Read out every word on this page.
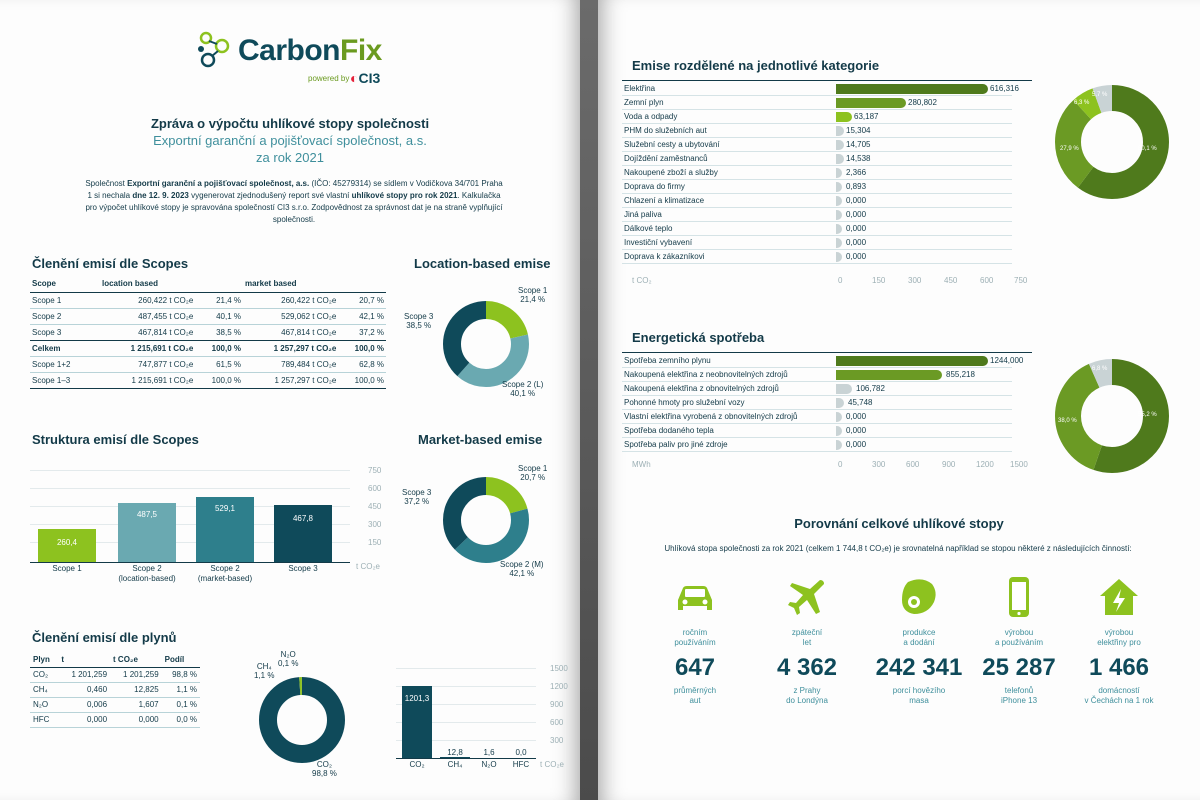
CarbonFix
powered by ◐CI3
Zpráva o výpočtu uhlíkové stopy společnosti
Exportní garanční a pojišťovací společnost, a.s.
za rok 2021
Společnost Exportní garanční a pojišťovací společnost, a.s. (IČO: 45279314) se sídlem v Vodičkova 34/701 Praha 1 si nechala dne 12. 9. 2023 vygenerovat zjednodušený report své vlastní uhlíkové stopy pro rok 2021. Kalkulačka pro výpočet uhlíkové stopy je spravována společností CI3 s.r.o. Zodpovědnost za správnost dat je na straně vyplňující společnosti.
Členění emisí dle Scopes
Scope	location based		market based	
Scope 1	260,422 t CO₂e	21,4 %	260,422 t CO₂e	20,7 %
Scope 2	487,455 t CO₂e	40,1 %	529,062 t CO₂e	42,1 %
Scope 3	467,814 t CO₂e	38,5 %	467,814 t CO₂e	37,2 %
Celkem	1 215,691 t CO₂e	100,0 %	1 257,297 t CO₂e	100,0 %
Scope 1+2	747,877 t CO₂e	61,5 %	789,484 t CO₂e	62,8 %
Scope 1–3	1 215,691 t CO₂e	100,0 %	1 257,297 t CO₂e	100,0 %
Location-based emise
Scope 1
21,4 %
Scope 3
38,5 %
Scope 2 (L)
40,1 %
Struktura emisí dle Scopes
750
600
450
300
150
t CO₂e
260,4
487,5
529,1
467,8
Scope 1	Scope 2
(location-based)
Scope 2
(market-based)
Scope 3
Market-based emise
Scope 1
20,7 %
Scope 3
37,2 %
Scope 2 (M)
42,1 %
Členění emisí dle plynů
Plyn	t	t CO₂e	Podíl
CO₂	1 201,259	1 201,259	98,8 %
CH₄	0,460	12,825	1,1 %
N₂O	0,006	1,607	0,1 %
HFC	0,000	0,000	0,0 %
CH₄
1,1 %
N₂O
0,1 %
CO₂
98,8 %
1500
1200
900
600
300
1201,3
12,8	1,6	0,0
CO₂	CH₄	N₂O	HFC	t CO₂e
Emise rozdělené na jednotlivé kategorie
Elektřina	616,316
Zemní plyn	280,802
Voda a odpady	63,187
PHM do služebních aut	15,304
Služební cesty a ubytování	14,705
Dojíždění zaměstnanců	14,538
Nakoupené zboží a služby	2,366
Doprava do firmy	0,893
Chlazení a klimatizace	0,000
Jiná paliva	0,000
Dálkové teplo	0,000
Investiční vybavení	0,000
Doprava k zákazníkovi	0,000
t CO₂	0	150	300	450	600	750
60,1 %
27,9 %
6,3 %
5,7 %
Energetická spotřeba
Spotřeba zemního plynu	1244,000
Nakoupená elektřina z neobnovitelných zdrojů	855,218
Nakoupená elektřina z obnovitelných zdrojů	106,782
Pohonné hmoty pro služební vozy	45,748
Vlastní elektřina vyrobená z obnovitelných zdrojů	0,000
Spotřeba dodaného tepla	0,000
Spotřeba paliv pro jiné zdroje	0,000
MWh	0	300	600	900	1200 1500
55,2 %
38,0 %
6,8 %
Porovnání celkové uhlíkové stopy
Uhlíková stopa společnosti za rok 2021 (celkem 1 744,8 t CO₂e) je srovnatelná například se stopou některé z následujících činností:
ročním
používáním
647
průměrných
aut
zpáteční
let
4 362
z Prahy
do Londýna
produkce
a dodání
242 341
porcí hovězího
masa
výrobou
a používáním
25 287
telefonů
iPhone 13
výrobou
elektřiny pro
1 466
domácností
v Čechách na 1 rok
